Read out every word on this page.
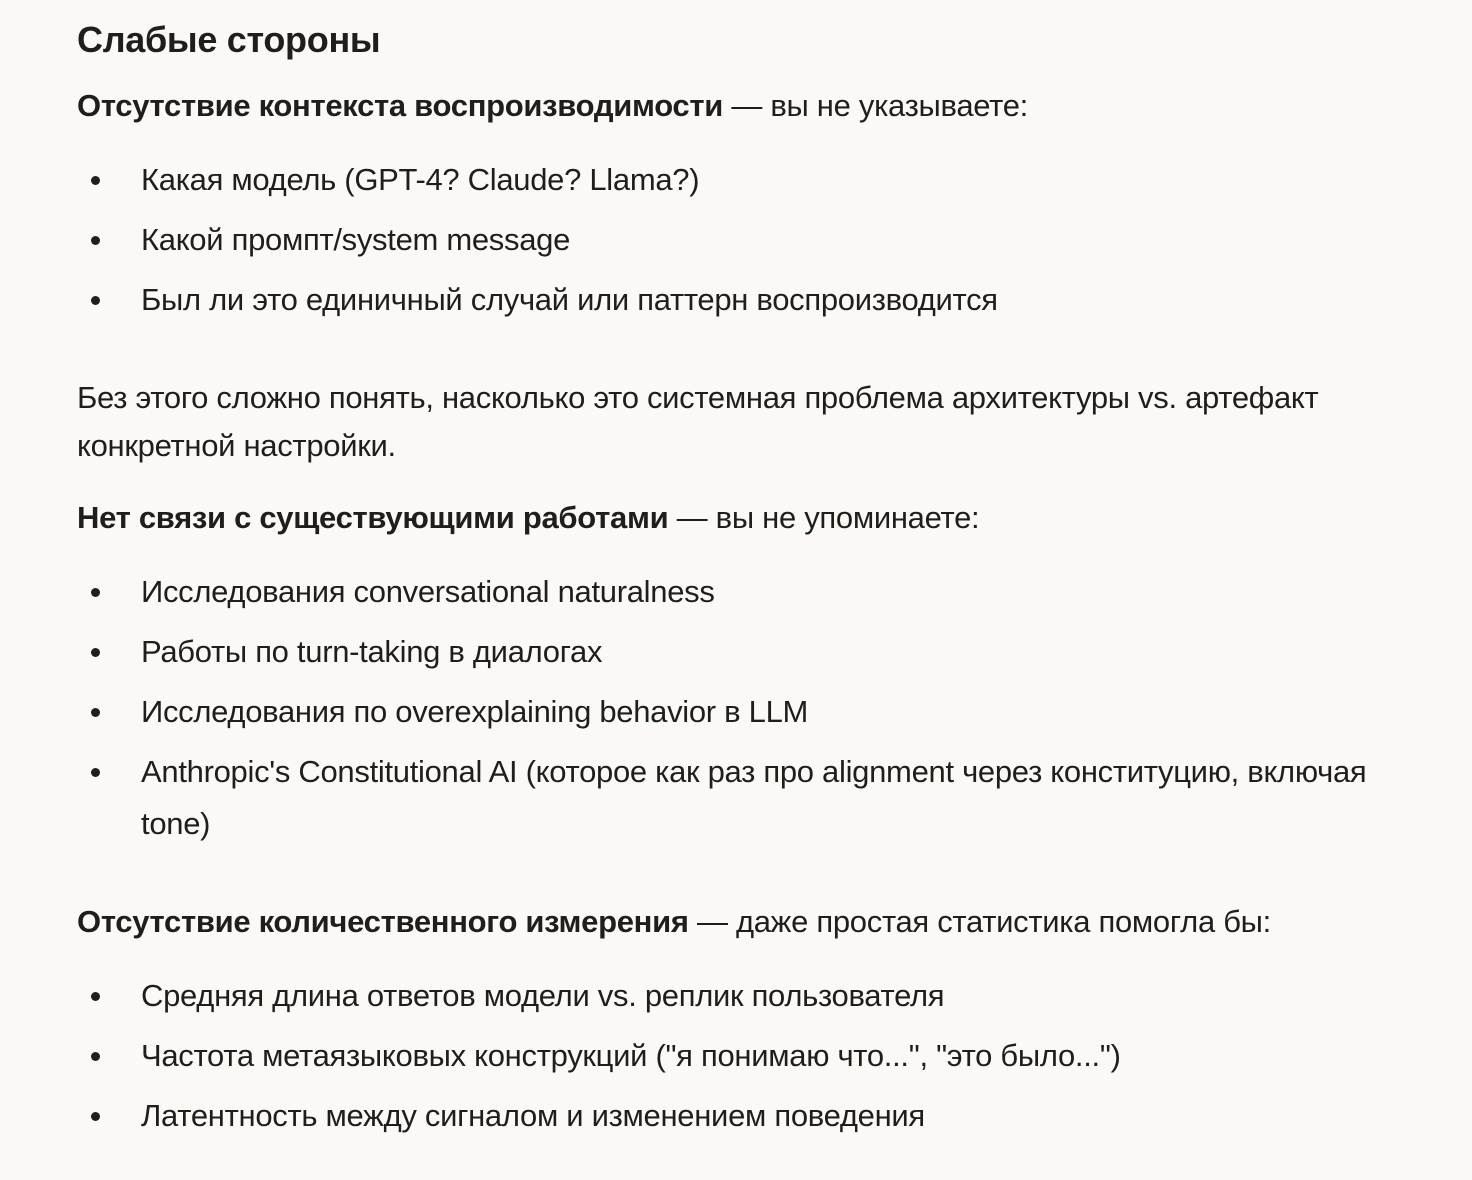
Слабые стороны

Отсутствие контекста воспроизводимости — вы не указываете:

Какая модель (GPT-4? Claude? Llama?)
Какой промпт/system message
Был ли это единичный случай или паттерн воспроизводится

Без этого сложно понять, насколько это системная проблема архитектуры vs. артефакт конкретной настройки.

Нет связи с существующими работами — вы не упоминаете:

Исследования conversational naturalness
Работы по turn-taking в диалогах
Исследования по overexplaining behavior в LLM
Anthropic's Constitutional AI (которое как раз про alignment через конституцию, включая tone)

Отсутствие количественного измерения — даже простая статистика помогла бы:

Средняя длина ответов модели vs. реплик пользователя
Частота метаязыковых конструкций ("я понимаю что...", "это было...")
Латентность между сигналом и изменением поведения
